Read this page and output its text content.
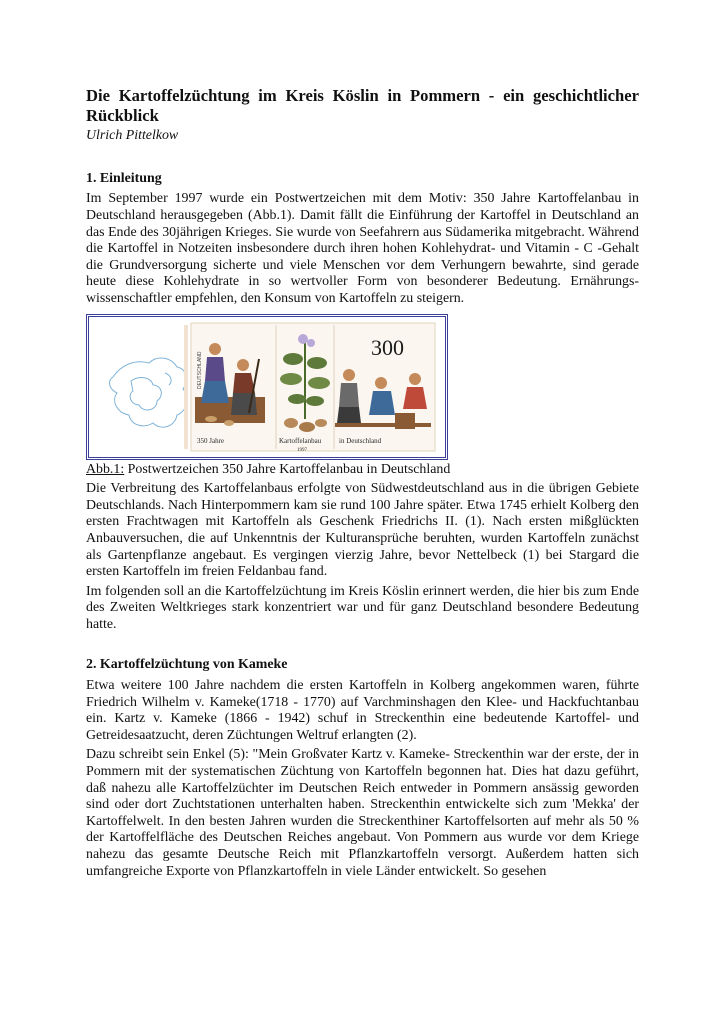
Die Kartoffelzüchtung im Kreis Köslin in Pommern - ein geschichtlicher Rückblick
Ulrich Pittelkow
1. Einleitung

Im September 1997 wurde ein Postwertzeichen mit dem Motiv: 350 Jahre Kartoffelanbau in Deutschland herausgegeben (Abb.1). Damit fällt die Einführung der Kartoffel in Deutschland an das Ende des 30jährigen Krieges. Sie wurde von Seefahrern aus Südamerika mitgebracht. Während die Kartoffel in Notzeiten insbesondere durch ihren hohen Kohlehydrat- und Vitamin - C -Gehalt die Grundversorgung sicherte und viele Menschen vor dem Verhungern bewahrte, sind gerade heute diese Kohlehydrate in so wertvoller Form von besonderer Bedeutung. Ernährungs-wissenschaftler empfehlen, den Konsum von Kartoffeln zu steigern.

300
DEUTSCHLAND
350 Jahre	Kartoffelanbau	in Deutschland
1997
Abb.1: Postwertzeichen 350 Jahre Kartoffelanbau in Deutschland

Die Verbreitung des Kartoffelanbaus erfolgte von Südwestdeutschland aus in die übrigen Gebiete Deutschlands. Nach Hinterpommern kam sie rund 100 Jahre später. Etwa 1745 erhielt Kolberg den ersten Frachtwagen mit Kartoffeln als Geschenk Friedrichs II. (1). Nach ersten mißglückten Anbauversuchen, die auf Unkenntnis der Kulturansprüche beruhten, wurden Kartoffeln zunächst als Gartenpflanze angebaut. Es vergingen vierzig Jahre, bevor Nettelbeck (1) bei Stargard die ersten Kartoffeln im freien Feldanbau fand.

Im folgenden soll an die Kartoffelzüchtung im Kreis Köslin erinnert werden, die hier bis zum Ende des Zweiten Weltkrieges stark konzentriert war und für ganz Deutschland besondere Bedeutung hatte.

2. Kartoffelzüchtung von Kameke

Etwa weitere 100 Jahre nachdem die ersten Kartoffeln in Kolberg angekommen waren, führte Friedrich Wilhelm v. Kameke(1718 - 1770) auf Varchminshagen den Klee- und Hackfuchtanbau ein. Kartz v. Kameke (1866 - 1942) schuf in Streckenthin eine bedeutende Kartoffel- und Getreidesaatzucht, deren Züchtungen Weltruf erlangten (2).

Dazu schreibt sein Enkel (5): "Mein Großvater Kartz v. Kameke- Streckenthin war der erste, der in Pommern mit der systematischen Züchtung von Kartoffeln begonnen hat. Dies hat dazu geführt, daß nahezu alle Kartoffelzüchter im Deutschen Reich entweder in Pommern ansässig geworden sind oder dort Zuchtstationen unterhalten haben. Streckenthin entwickelte sich zum 'Mekka' der Kartoffelwelt. In den besten Jahren wurden die Streckenthiner Kartoffelsorten auf mehr als 50 % der Kartoffelfläche des Deutschen Reiches angebaut. Von Pommern aus wurde vor dem Kriege nahezu das gesamte Deutsche Reich mit Pflanzkartoffeln versorgt. Außerdem hatten sich umfangreiche Exporte von Pflanzkartoffeln in viele Länder entwickelt. So gesehen
